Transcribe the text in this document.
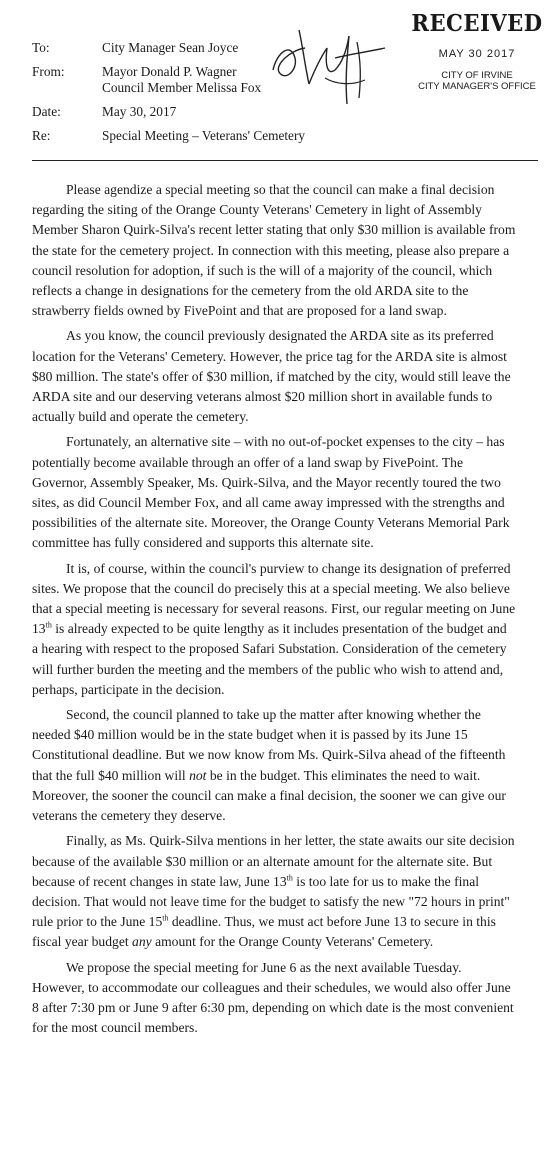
RECEIVED
MAY 30 2017
CITY OF IRVINE
CITY MANAGER'S OFFICE
To:	City Manager Sean Joyce
From:	Mayor Donald P. Wagner
Council Member Melissa Fox
Date:	May 30, 2017
Re:	Special Meeting – Veterans' Cemetery

Please agendize a special meeting so that the council can make a final decision regarding the siting of the Orange County Veterans' Cemetery in light of Assembly Member Sharon Quirk-Silva's recent letter stating that only $30 million is available from the state for the cemetery project. In connection with this meeting, please also prepare a council resolution for adoption, if such is the will of a majority of the council, which reflects a change in designations for the cemetery from the old ARDA site to the strawberry fields owned by FivePoint and that are proposed for a land swap.

As you know, the council previously designated the ARDA site as its preferred location for the Veterans' Cemetery. However, the price tag for the ARDA site is almost $80 million. The state's offer of $30 million, if matched by the city, would still leave the ARDA site and our deserving veterans almost $20 million short in available funds to actually build and operate the cemetery.

Fortunately, an alternative site – with no out-of-pocket expenses to the city – has potentially become available through an offer of a land swap by FivePoint. The Governor, Assembly Speaker, Ms. Quirk-Silva, and the Mayor recently toured the two sites, as did Council Member Fox, and all came away impressed with the strengths and possibilities of the alternate site. Moreover, the Orange County Veterans Memorial Park committee has fully considered and supports this alternate site.

It is, of course, within the council's purview to change its designation of preferred sites. We propose that the council do precisely this at a special meeting. We also believe that a special meeting is necessary for several reasons. First, our regular meeting on June 13th is already expected to be quite lengthy as it includes presentation of the budget and a hearing with respect to the proposed Safari Substation. Consideration of the cemetery will further burden the meeting and the members of the public who wish to attend and, perhaps, participate in the decision.

Second, the council planned to take up the matter after knowing whether the needed $40 million would be in the state budget when it is passed by its June 15 Constitutional deadline. But we now know from Ms. Quirk-Silva ahead of the fifteenth that the full $40 million will not be in the budget. This eliminates the need to wait. Moreover, the sooner the council can make a final decision, the sooner we can give our veterans the cemetery they deserve.

Finally, as Ms. Quirk-Silva mentions in her letter, the state awaits our site decision because of the available $30 million or an alternate amount for the alternate site. But because of recent changes in state law, June 13th is too late for us to make the final decision. That would not leave time for the budget to satisfy the new "72 hours in print" rule prior to the June 15th deadline. Thus, we must act before June 13 to secure in this fiscal year budget any amount for the Orange County Veterans' Cemetery.

We propose the special meeting for June 6 as the next available Tuesday. However, to accommodate our colleagues and their schedules, we would also offer June 8 after 7:30 pm or June 9 after 6:30 pm, depending on which date is the most convenient for the most council members.
